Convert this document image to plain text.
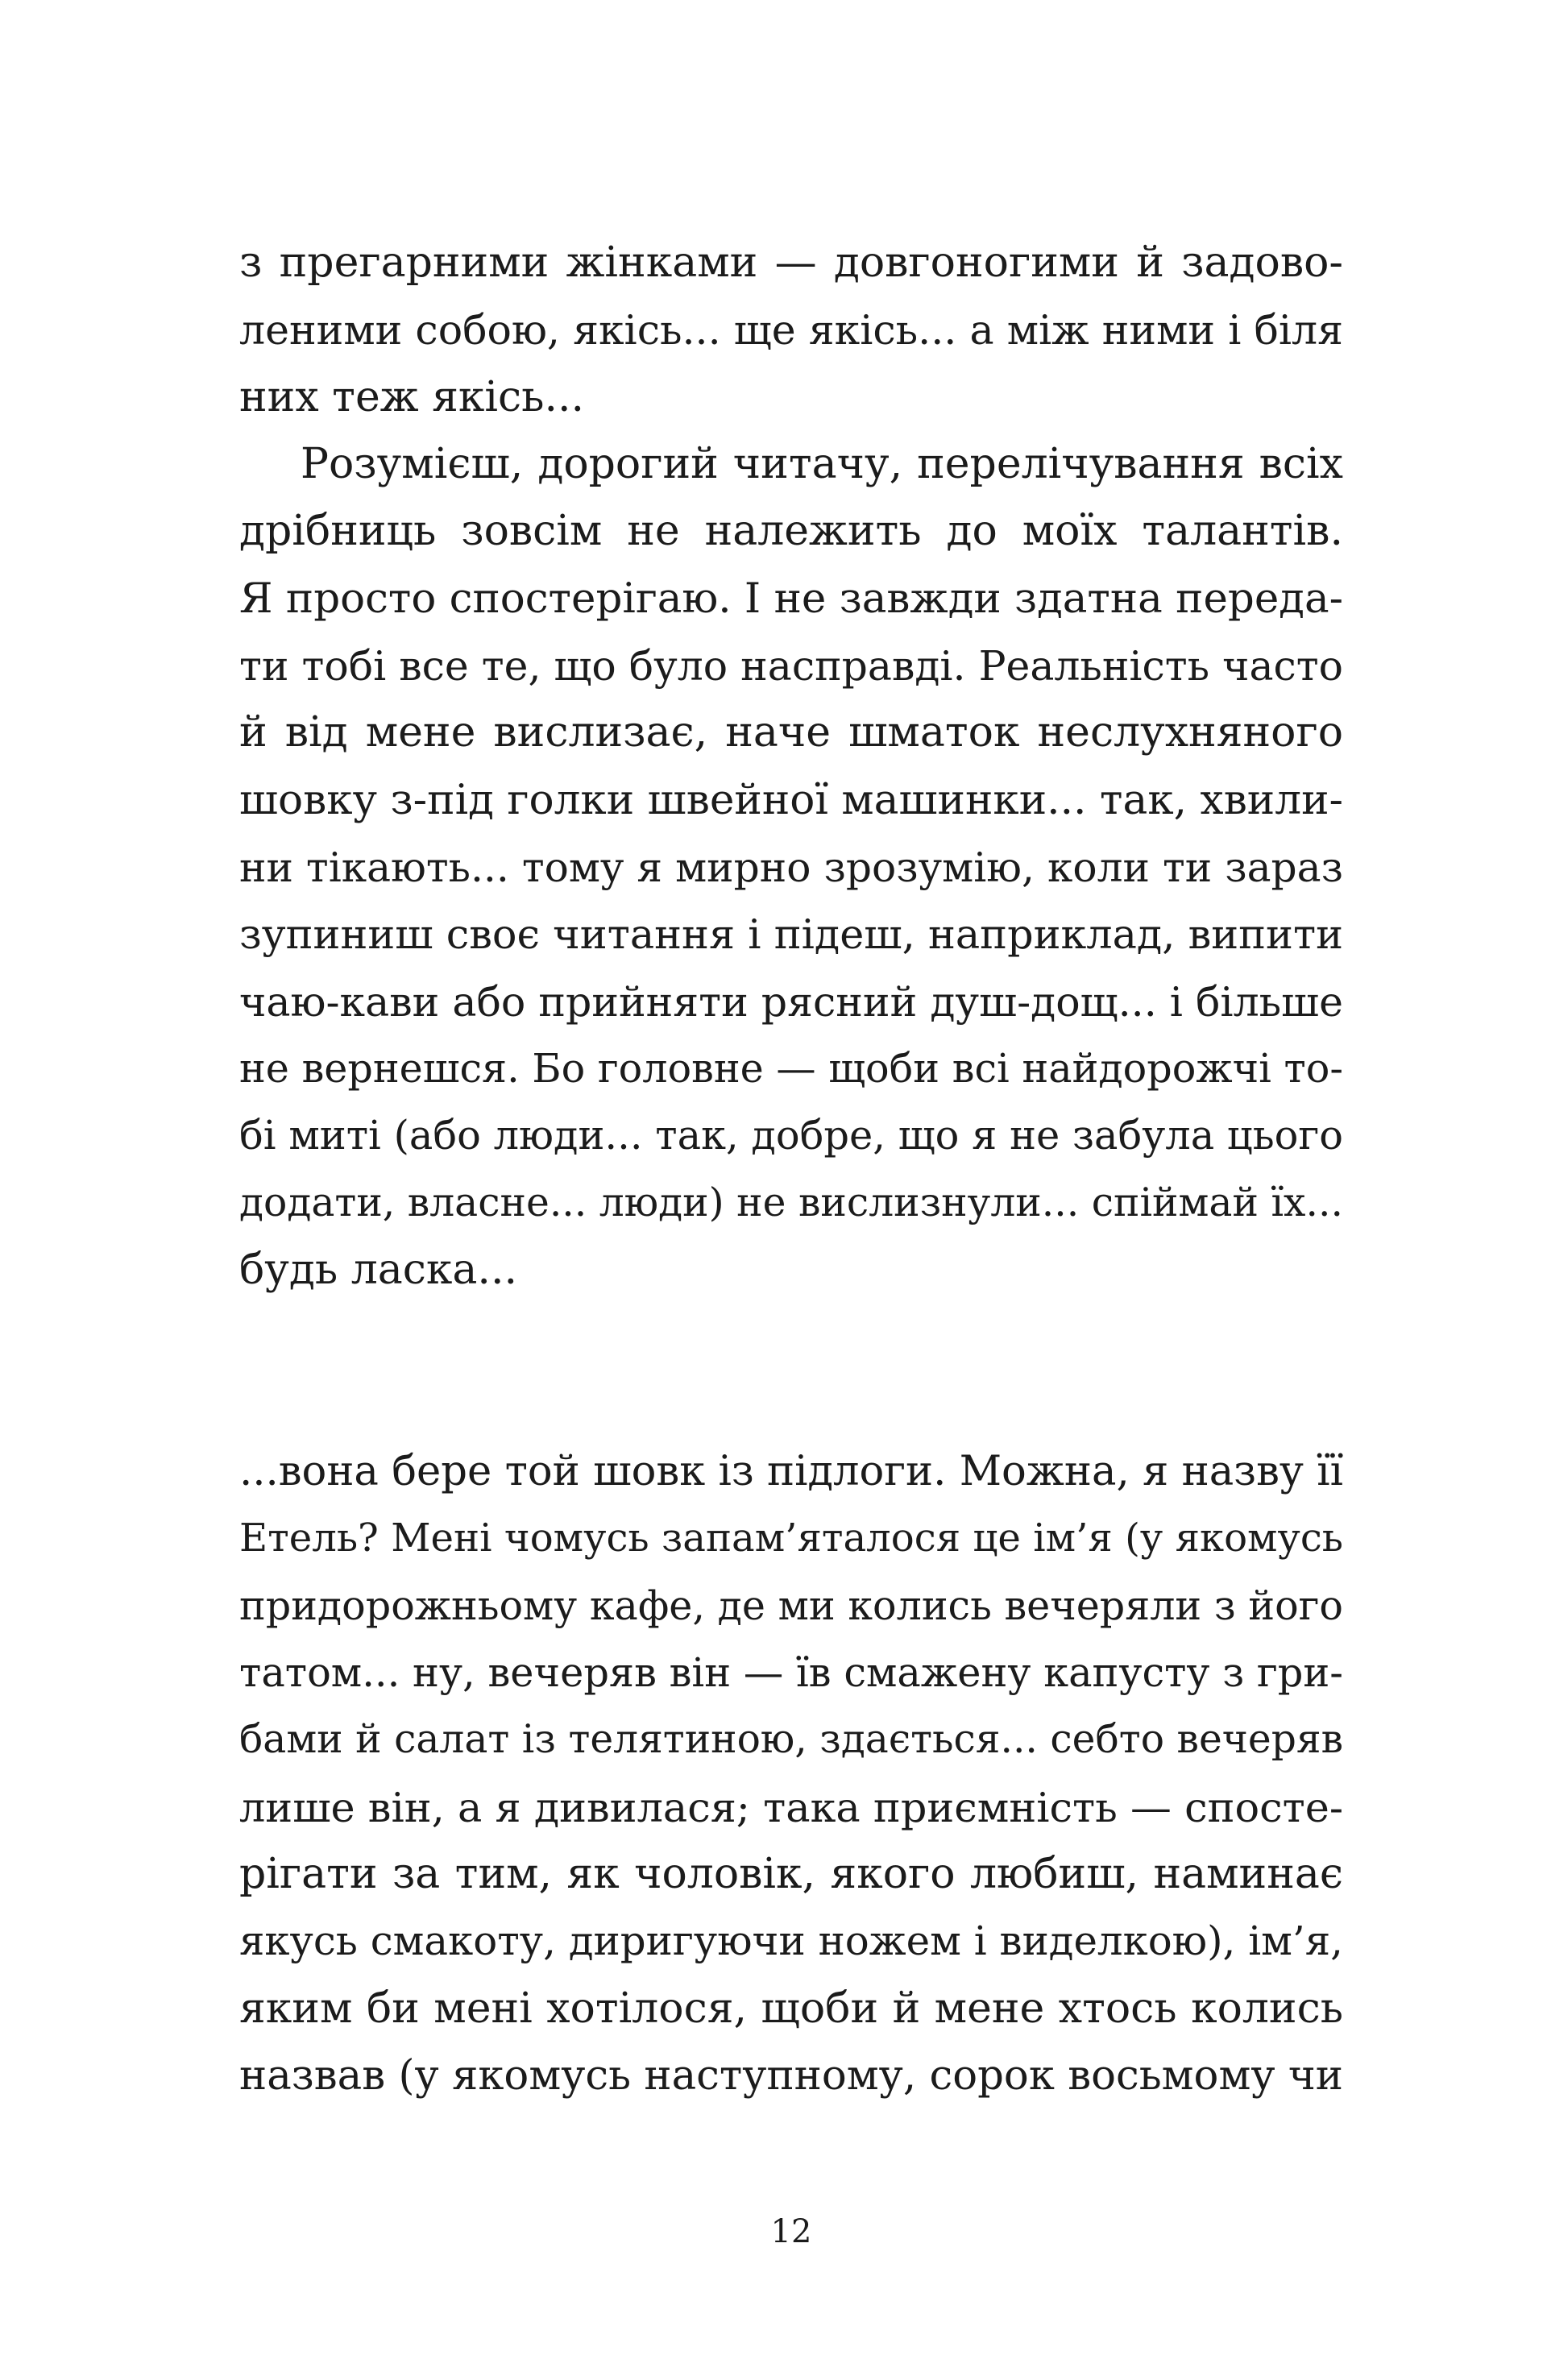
з прегарними жінками — довгоногими й задово-
леними собою, якісь... ще якісь... а між ними і біля
них теж якісь...
Розумієш, дорогий читачу, перелічування всіх
дрібниць зовсім не належить до моїх талантів.
Я просто спостерігаю. І не завжди здатна переда-
ти тобі все те, що було насправді. Реальність часто
й від мене вислизає, наче шматок неслухняного
шовку з-під голки швейної машинки... так, хвили-
ни тікають... тому я мирно зрозумію, коли ти зараз
зупиниш своє читання і підеш, наприклад, випити
чаю-кави або прийняти рясний душ-дощ... і більше
не вернешся. Бо головне — щоби всі найдорожчі то-
бі миті (або люди... так, добре, що я не забула цього
додати, власне... люди) не вислизнули... спіймай їх...
будь ласка...
...вона бере той шовк із підлоги. Можна, я назву її
Етель? Мені чомусь запам’яталося це ім’я (у якомусь
придорожньому кафе, де ми колись вечеряли з його
татом... ну, вечеряв він — їв смажену капусту з гри-
бами й салат із телятиною, здається... себто вечеряв
лише він, а я дивилася; така приємність — спосте-
рігати за тим, як чоловік, якого любиш, наминає
якусь смакоту, диригуючи ножем і виделкою), ім’я,
яким би мені хотілося, щоби й мене хтось колись
назвав (у якомусь наступному, сорок восьмому чи
12
